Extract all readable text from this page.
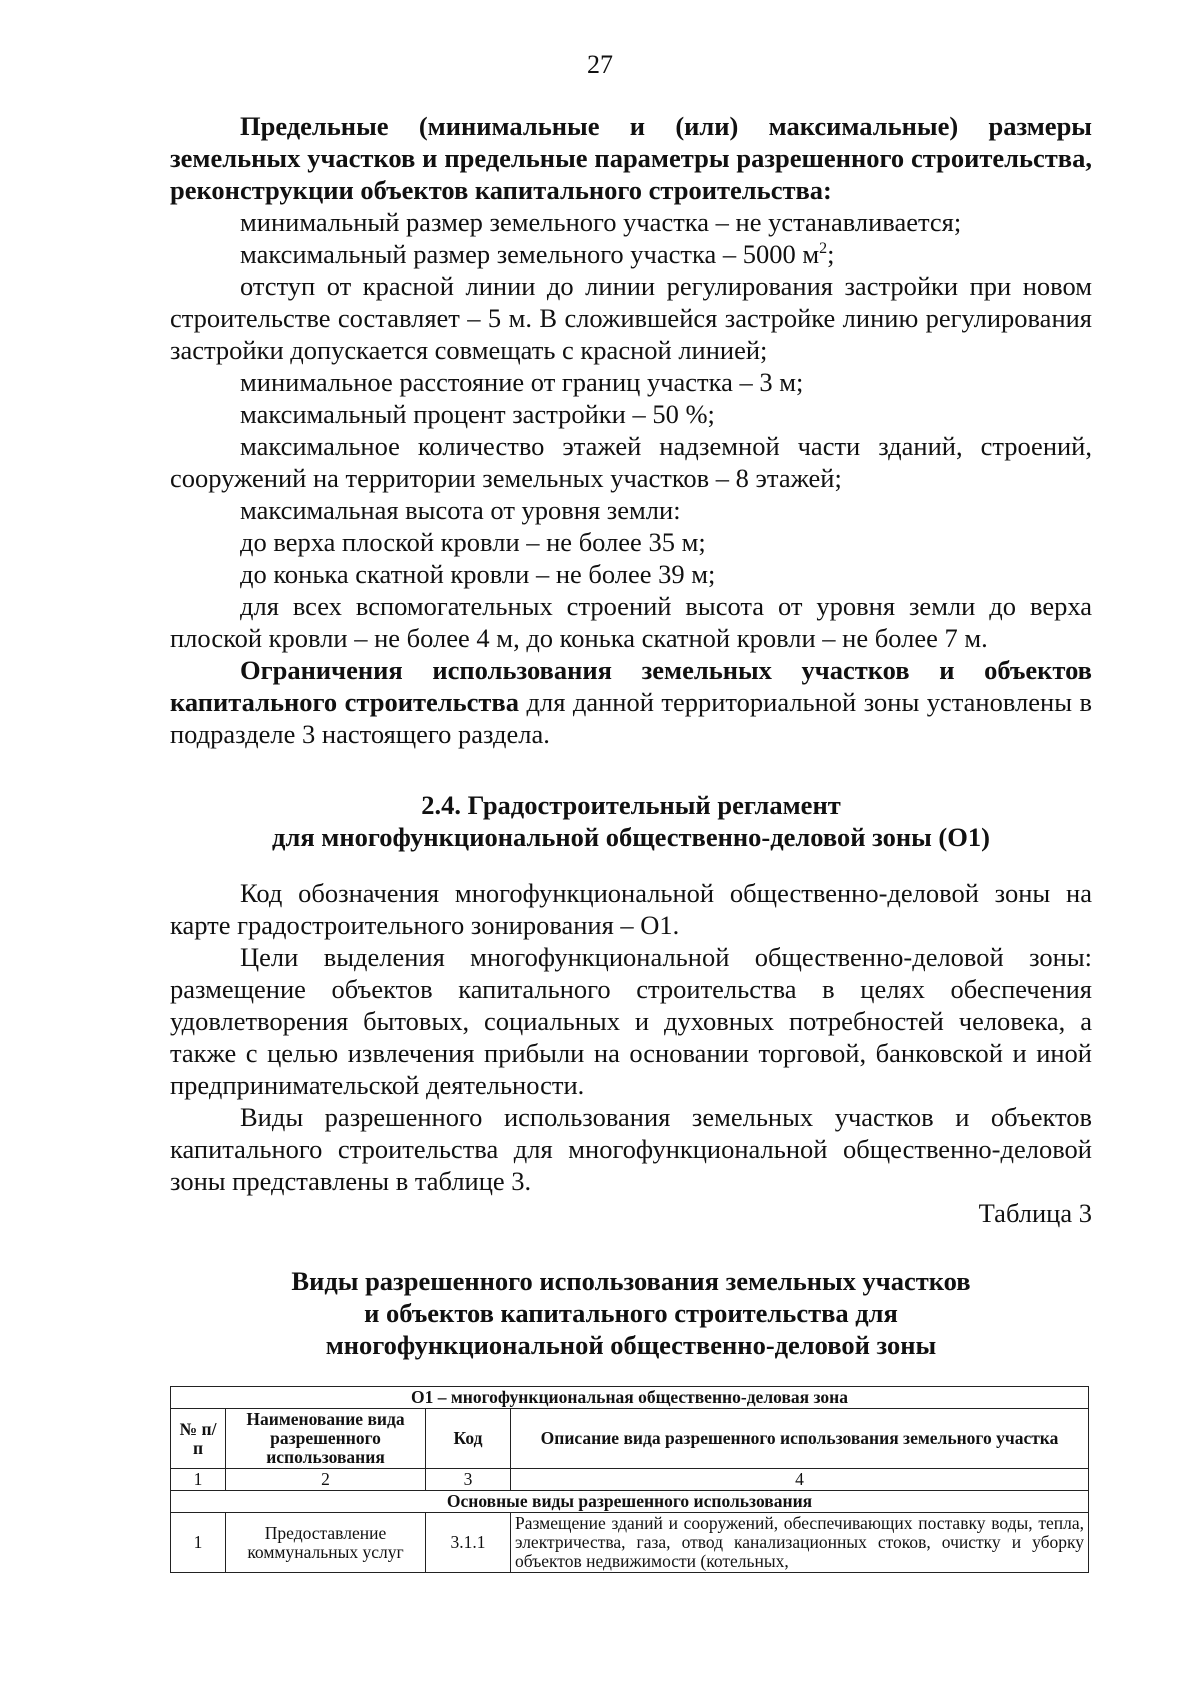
27

Предельные (минимальные и (или) максимальные) размеры земельных участков и предельные параметры разрешенного строительства, реконструкции объектов капитального строительства:

минимальный размер земельного участка – не устанавливается;

максимальный размер земельного участка – 5000 $м^2$;

отступ от красной линии до линии регулирования застройки при новом строительстве составляет – 5 м. В сложившейся застройке линию регулирования застройки допускается совмещать с красной линией;

минимальное расстояние от границ участка – 3 м;

максимальный процент застройки – 50 %;

максимальное количество этажей надземной части зданий, строений, сооружений на территории земельных участков – 8 этажей;

максимальная высота от уровня земли:

до верха плоской кровли – не более 35 м;

до конька скатной кровли – не более 39 м;

для всех вспомогательных строений высота от уровня земли до верха плоской кровли – не более 4 м, до конька скатной кровли – не более 7 м.

Ограничения использования земельных участков и объектов капитального строительства для данной территориальной зоны установлены в подразделе 3 настоящего раздела.

2.4. Градостроительный регламент

для многофункциональной общественно-деловой зоны (О1)

Код обозначения многофункциональной общественно-деловой зоны на карте градостроительного зонирования – О1.

Цели выделения многофункциональной общественно-деловой зоны: размещение объектов капитального строительства в целях обеспечения удовлетворения бытовых, социальных и духовных потребностей человека, а также с целью извлечения прибыли на основании торговой, банковской и иной предпринимательской деятельности.

Виды разрешенного использования земельных участков и объектов капитального строительства для многофункциональной общественно-деловой зоны представлены в таблице 3.

Таблица 3

Виды разрешенного использования земельных участков

и объектов капитального строительства для

многофункциональной общественно-деловой зоны

О1 – многофункциональная общественно-деловая зона			
№ п/п	Наименование вида разрешенного использования	Код	Описание вида разрешенного использования земельного участка
1	2	3	4
Основные виды разрешенного использования			
1	Предоставление коммунальных услуг	3.1.1	Размещение зданий и сооружений, обеспечивающих поставку воды, тепла, электричества, газа, отвод канализационных стоков, очистку и уборку объектов недвижимости (котельных,
